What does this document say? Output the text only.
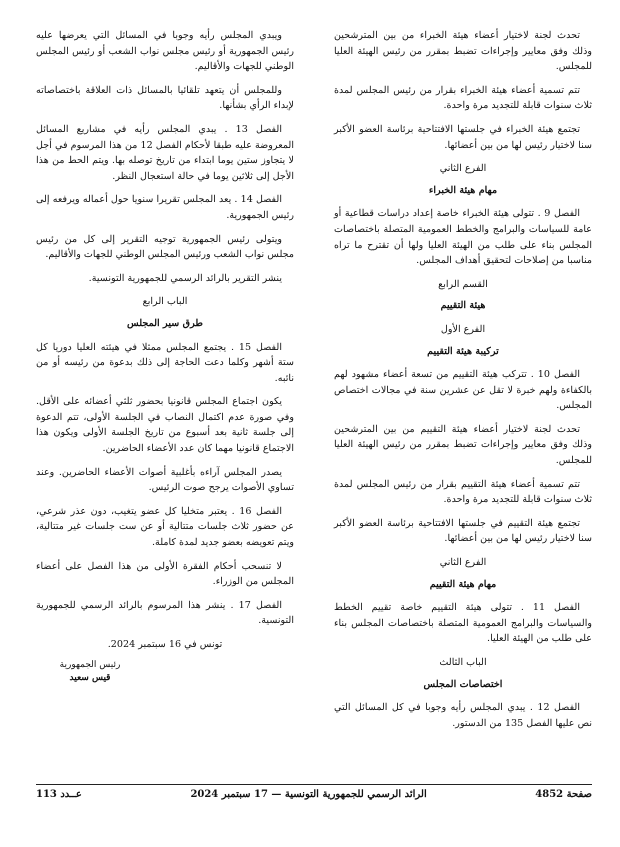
تحدث لجنة لاختيار أعضاء هيئة الخبراء من بين المترشحين وذلك وفق معايير وإجراءات تضبط بمقرر من رئيس الهيئة العليا للمجلس.

تتم تسمية أعضاء هيئة الخبراء بقرار من رئيس المجلس لمدة ثلاث سنوات قابلة للتجديد مرة واحدة.

تجتمع هيئة الخبراء في جلستها الافتتاحية برئاسة العضو الأكبر سنا لاختيار رئيس لها من بين أعضائها.

الفرع الثاني

مهام هيئة الخبراء

الفصل 9 . تتولى هيئة الخبراء خاصة إعداد دراسات قطاعية أو عامة للسياسات والبرامج والخطط العمومية المتصلة باختصاصات المجلس بناء على طلب من الهيئة العليا ولها أن تقترح ما تراه مناسبا من إصلاحات لتحقيق أهداف المجلس.

القسم الرابع

هيئة التقييم

الفرع الأول

تركيبة هيئة التقييم

الفصل 10 . تتركب هيئة التقييم من تسعة أعضاء مشهود لهم بالكفاءة ولهم خبرة لا تقل عن عشرين سنة في مجالات اختصاص المجلس.

تحدث لجنة لاختيار أعضاء هيئة التقييم من بين المترشحين وذلك وفق معايير وإجراءات تضبط بمقرر من رئيس الهيئة العليا للمجلس.

تتم تسمية أعضاء هيئة التقييم بقرار من رئيس المجلس لمدة ثلاث سنوات قابلة للتجديد مرة واحدة.

تجتمع هيئة التقييم في جلستها الافتتاحية برئاسة العضو الأكبر سنا لاختيار رئيس لها من بين أعضائها.

الفرع الثاني

مهام هيئة التقييم

الفصل 11 . تتولى هيئة التقييم خاصة تقييم الخطط والسياسات والبرامج العمومية المتصلة باختصاصات المجلس بناء على طلب من الهيئة العليا.

الباب الثالث

اختصاصات المجلس

الفصل 12 . يبدي المجلس رأيه وجوبا في كل المسائل التي نص عليها الفصل 135 من الدستور.

ويبدي المجلس رأيه وجوبا في المسائل التي يعرضها عليه رئيس الجمهورية أو رئيس مجلس نواب الشعب أو رئيس المجلس الوطني للجهات والأقاليم.

وللمجلس أن يتعهد تلقائيا بالمسائل ذات العلاقة باختصاصاته لإبداء الرأي بشأنها.

الفصل 13 . يبدي المجلس رأيه في مشاريع المسائل المعروضة عليه طبقا لأحكام الفصل 12 من هذا المرسوم في أجل لا يتجاوز ستين يوما ابتداء من تاريخ توصله بها. ويتم الحط من هذا الأجل إلى ثلاثين يوما في حالة استعجال النظر.

الفصل 14 . يعد المجلس تقريرا سنويا حول أعماله ويرفعه إلى رئيس الجمهورية.

ويتولى رئيس الجمهورية توجيه التقرير إلى كل من رئيس مجلس نواب الشعب ورئيس المجلس الوطني للجهات والأقاليم.

ينشر التقرير بالرائد الرسمي للجمهورية التونسية.

الباب الرابع

طرق سير المجلس

الفصل 15 . يجتمع المجلس ممثلا في هيئته العليا دوريا كل ستة أشهر وكلما دعت الحاجة إلى ذلك بدعوة من رئيسه أو من نائبه.

يكون اجتماع المجلس قانونيا بحضور ثلثي أعضائه على الأقل. وفي صورة عدم اكتمال النصاب في الجلسة الأولى، تتم الدعوة إلى جلسة ثانية بعد أسبوع من تاريخ الجلسة الأولى ويكون هذا الاجتماع قانونيا مهما كان عدد الأعضاء الحاضرين.

يصدر المجلس آراءه بأغلبية أصوات الأعضاء الحاضرين. وعند تساوي الأصوات يرجح صوت الرئيس.

الفصل 16 . يعتبر متخليا كل عضو يتغيب، دون عذر شرعي، عن حضور ثلاث جلسات متتالية أو عن ست جلسات غير متتالية، ويتم تعويضه بعضو جديد لمدة كاملة.

لا تنسحب أحكام الفقرة الأولى من هذا الفصل على أعضاء المجلس من الوزراء.

الفصل 17 . ينشر هذا المرسوم بالرائد الرسمي للجمهورية التونسية.

تونس في 16 سبتمبر 2024.

رئيس الجمهورية

قيس سعيد

صفحة 4852
الرائد الرسمي للجمهورية التونسية — 17 سبتمبر 2024
عــدد 113
